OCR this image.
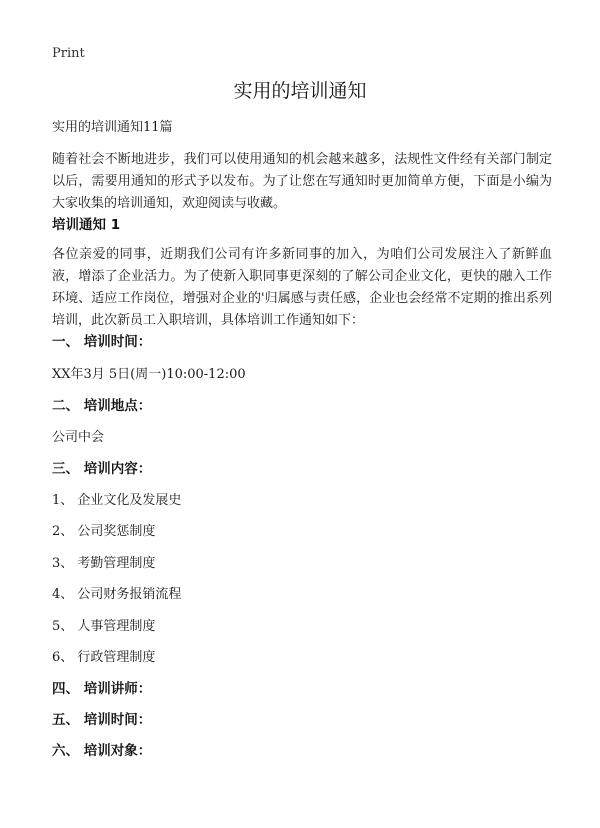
Print
实用的培训通知
实用的培训通知11篇
随着社会不断地进步，我们可以使用通知的机会越来越多，法规性文件经有关部门制定以后，需要用通知的形式予以发布。为了让您在写通知时更加简单方便，下面是小编为大家收集的培训通知，欢迎阅读与收藏。
培训通知 1
各位亲爱的同事，近期我们公司有许多新同事的加入，为咱们公司发展注入了新鲜血液，增添了企业活力。为了使新入职同事更深刻的了解公司企业文化，更快的融入工作环境、适应工作岗位，增强对企业的'归属感与责任感，企业也会经常不定期的推出系列培训，此次新员工入职培训，具体培训工作通知如下：
一、 培训时间：
XX年3月 5日(周一)10:00-12:00
二、 培训地点：
公司中会
三、 培训内容：
1、 企业文化及发展史
2、 公司奖惩制度
3、 考勤管理制度
4、 公司财务报销流程
5、 人事管理制度
6、 行政管理制度
四、 培训讲师：
五、 培训时间：
六、 培训对象：
